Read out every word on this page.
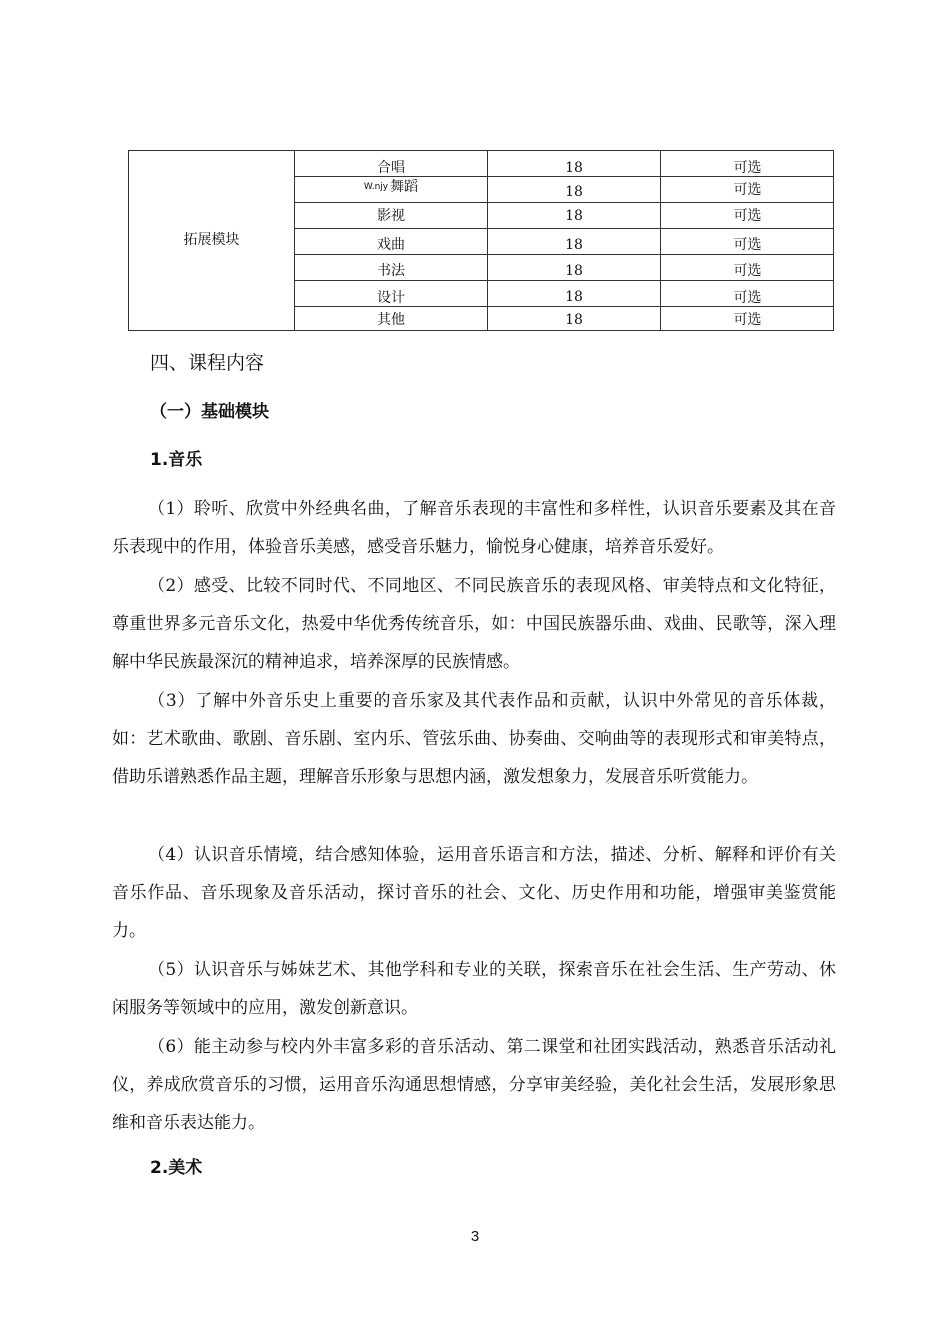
拓展模块
合唱	18	可选
W.njy 舞蹈	18	可选
影视	18	可选
戏曲	18	可选
书法	18	可选
设计	18	可选
其他	18	可选
四、课程内容
（一）基础模块
1.音乐

（1）聆听、欣赏中外经典名曲，了解音乐表现的丰富性和多样性，认识音乐要素及其在音乐表现中的作用，体验音乐美感，感受音乐魅力，愉悦身心健康，培养音乐爱好。

（2）感受、比较不同时代、不同地区、不同民族音乐的表现风格、审美特点和文化特征，尊重世界多元音乐文化，热爱中华优秀传统音乐，如：中国民族器乐曲、戏曲、民歌等，深入理解中华民族最深沉的精神追求，培养深厚的民族情感。

（3）了解中外音乐史上重要的音乐家及其代表作品和贡献，认识中外常见的音乐体裁，如：艺术歌曲、歌剧、音乐剧、室内乐、管弦乐曲、协奏曲、交响曲等的表现形式和审美特点，借助乐谱熟悉作品主题，理解音乐形象与思想内涵，激发想象力，发展音乐听赏能力。

（4）认识音乐情境，结合感知体验，运用音乐语言和方法，描述、分析、解释和评价有关音乐作品、音乐现象及音乐活动，探讨音乐的社会、文化、历史作用和功能，增强审美鉴赏能力。

（5）认识音乐与姊妹艺术、其他学科和专业的关联，探索音乐在社会生活、生产劳动、休闲服务等领域中的应用，激发创新意识。

（6）能主动参与校内外丰富多彩的音乐活动、第二课堂和社团实践活动，熟悉音乐活动礼仪，养成欣赏音乐的习惯，运用音乐沟通思想情感，分享审美经验，美化社会生活，发展形象思维和音乐表达能力。

2.美术
3
